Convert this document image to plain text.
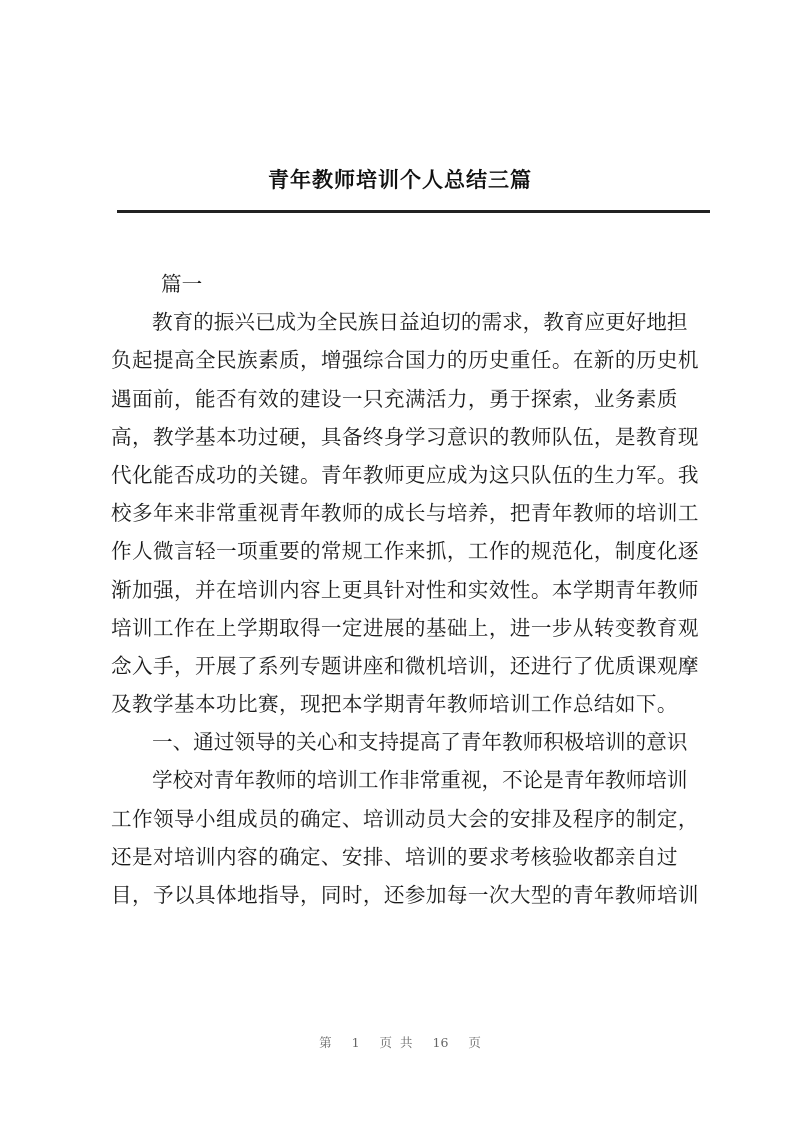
青年教师培训个人总结三篇
篇一
教育的振兴已成为全民族日益迫切的需求，教育应更好地担
负起提高全民族素质，增强综合国力的历史重任。在新的历史机
遇面前，能否有效的建设一只充满活力，勇于探索，业务素质
高，教学基本功过硬，具备终身学习意识的教师队伍，是教育现
代化能否成功的关键。青年教师更应成为这只队伍的生力军。我
校多年来非常重视青年教师的成长与培养，把青年教师的培训工
作人微言轻一项重要的常规工作来抓，工作的规范化，制度化逐
渐加强，并在培训内容上更具针对性和实效性。本学期青年教师
培训工作在上学期取得一定进展的基础上，进一步从转变教育观
念入手，开展了系列专题讲座和微机培训，还进行了优质课观摩
及教学基本功比赛，现把本学期青年教师培训工作总结如下。
一、通过领导的关心和支持提高了青年教师积极培训的意识
学校对青年教师的培训工作非常重视，不论是青年教师培训
工作领导小组成员的确定、培训动员大会的安排及程序的制定，
还是对培训内容的确定、安排、培训的要求考核验收都亲自过
目，予以具体地指导，同时，还参加每一次大型的青年教师培训
第 1 页 共 16 页
